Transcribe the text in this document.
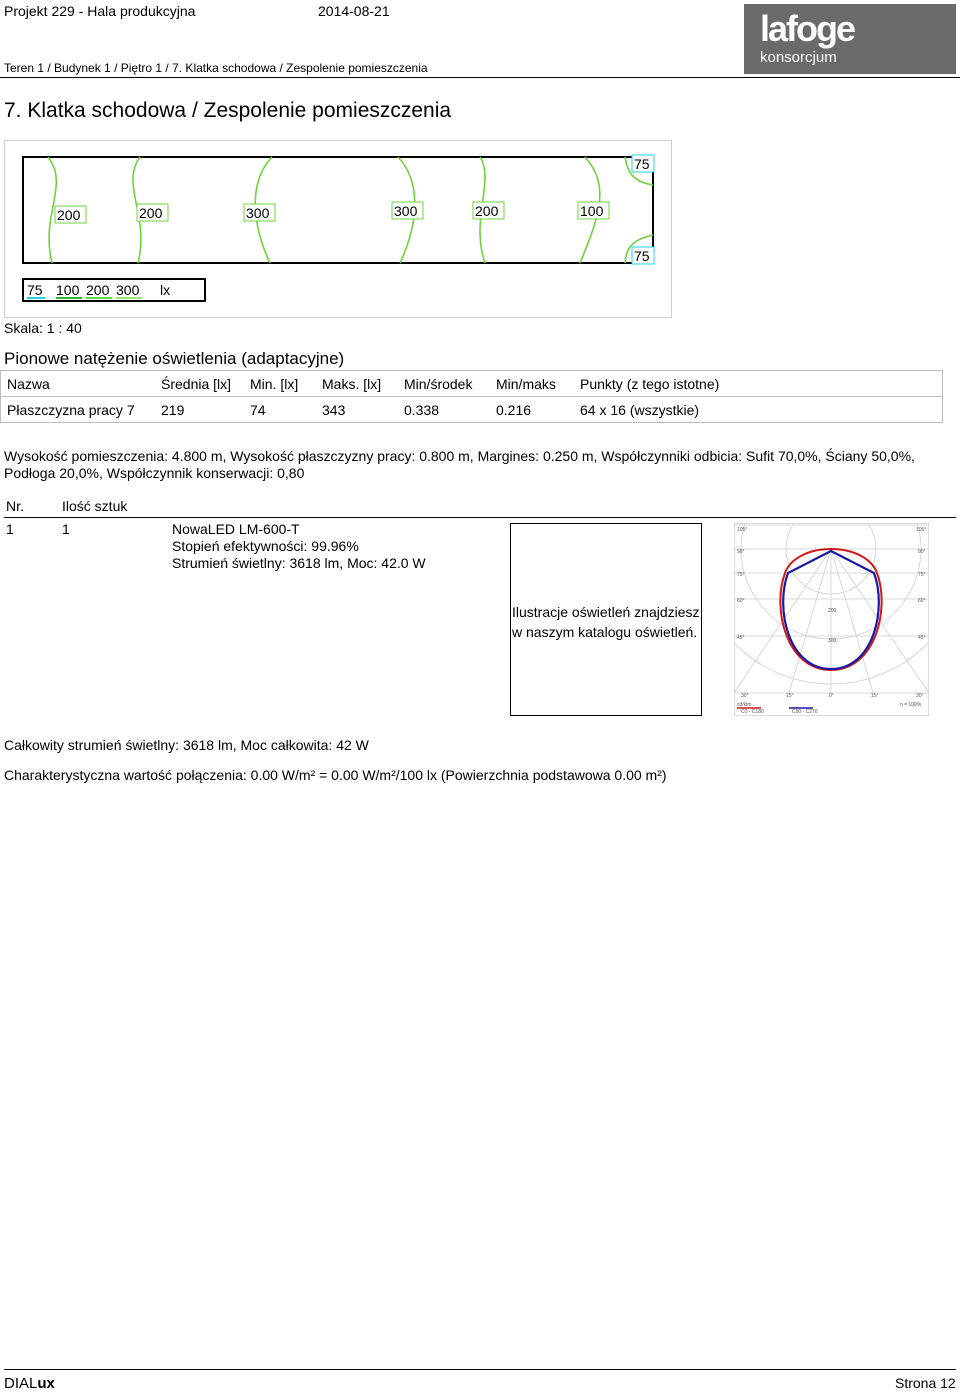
Projekt 229 - Hala produkcyjna	2014-08-21
Teren 1 / Budynek 1 / Piętro 1 / 7. Klatka schodowa / Zespolenie pomieszczenia
lafoge
konsorcjum
7. Klatka schodowa / Zespolenie pomieszczenia
200	200	300	300	200	100
75
75
75 100 200 300 lx
Skala: 1 : 40
Pionowe natężenie oświetlenia (adaptacyjne)
Nazwa	Średnia [lx]	Min. [lx]	Maks. [lx]	Min/środek	Min/maks	Punkty (z tego istotne)
Płaszczyzna pracy 7	219	74	343	0.338	0.216	64 x 16 (wszystkie)
Wysokość pomieszczenia: 4.800 m, Wysokość płaszczyzny pracy: 0.800 m, Margines: 0.250 m, Współczynniki odbicia: Sufit 70,0%, Ściany 50,0%, Podłoga 20,0%, Współczynnik konserwacji: 0,80
Nr.	Ilość sztuk
1	1	NowaLED LM-600-T
Stopień efektywności: 99.96%
Strumień świetlny: 3618 lm, Moc: 42.0 W
Ilustracje oświetleń znajdziesz
w naszym katalogu oświetleń.
105°
90°
75°
60°
45°
105°
90°
75°
60°
45°
200
300
30°	15°	0°	15°	30°
cd/klm	η = 100%
C0 - C180	C90 - C270
Całkowity strumień świetlny: 3618 lm, Moc całkowita: 42 W
Charakterystyczna wartość połączenia: 0.00 W/m² = 0.00 W/m²/100 lx (Powierzchnia podstawowa 0.00 m²)
DIALux	Strona 12
